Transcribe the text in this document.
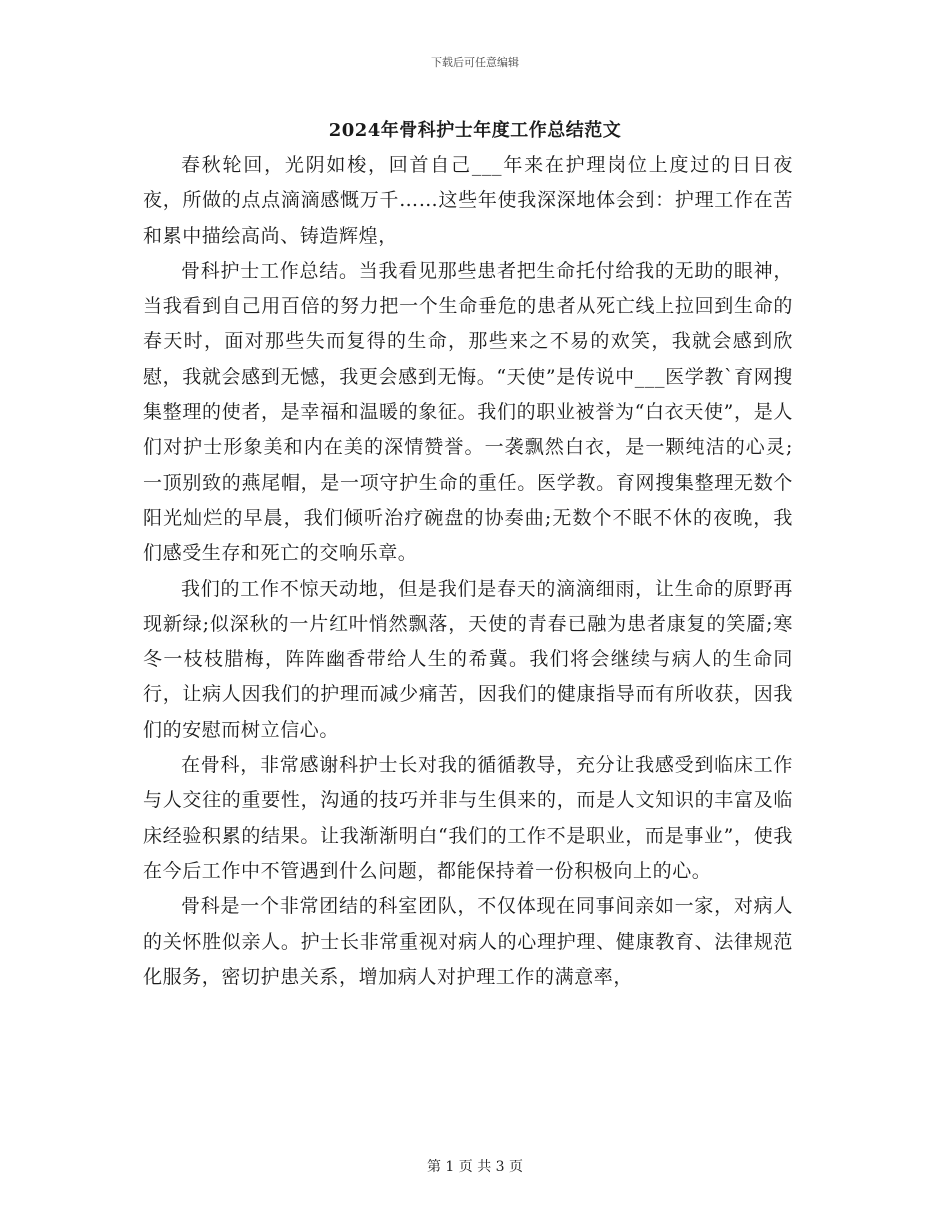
下载后可任意编辑
2024年骨科护士年度工作总结范文

春秋轮回，光阴如梭，回首自己___年来在护理岗位上度过的日日夜夜，所做的点点滴滴感慨万千……这些年使我深深地体会到：护理工作在苦和累中描绘高尚、铸造辉煌，

骨科护士工作总结。当我看见那些患者把生命托付给我的无助的眼神，当我看到自己用百倍的努力把一个生命垂危的患者从死亡线上拉回到生命的春天时，面对那些失而复得的生命，那些来之不易的欢笑，我就会感到欣慰，我就会感到无憾，我更会感到无悔。“天使”是传说中___医学教`育网搜集整理的使者，是幸福和温暖的象征。我们的职业被誉为“白衣天使”，是人们对护士形象美和内在美的深情赞誉。一袭飘然白衣，是一颗纯洁的心灵;一顶别致的燕尾帽，是一项守护生命的重任。医学教。育网搜集整理无数个阳光灿烂的早晨，我们倾听治疗碗盘的协奏曲;无数个不眠不休的夜晚，我们感受生存和死亡的交响乐章。

我们的工作不惊天动地，但是我们是春天的滴滴细雨，让生命的原野再现新绿;似深秋的一片红叶悄然飘落，天使的青春已融为患者康复的笑靥;寒冬一枝枝腊梅，阵阵幽香带给人生的希冀。我们将会继续与病人的生命同行，让病人因我们的护理而减少痛苦，因我们的健康指导而有所收获，因我们的安慰而树立信心。

在骨科，非常感谢科护士长对我的循循教导，充分让我感受到临床工作与人交往的重要性，沟通的技巧并非与生俱来的，而是人文知识的丰富及临床经验积累的结果。让我渐渐明白“我们的工作不是职业，而是事业”，使我在今后工作中不管遇到什么问题，都能保持着一份积极向上的心。

骨科是一个非常团结的科室团队，不仅体现在同事间亲如一家，对病人的关怀胜似亲人。护士长非常重视对病人的心理护理、健康教育、法律规范化服务，密切护患关系，增加病人对护理工作的满意率，

第 1 页 共 3 页
